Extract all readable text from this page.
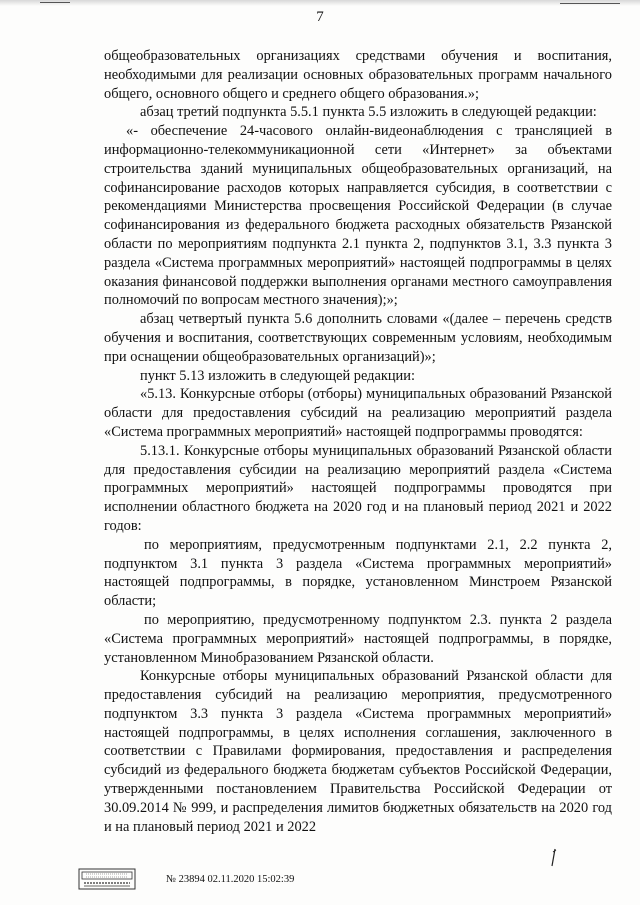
7

общеобразовательных организациях средствами обучения и воспитания, необходимыми для реализации основных образовательных программ начального общего, основного общего и среднего общего образования.»;

абзац третий подпункта 5.5.1 пункта 5.5 изложить в следующей редакции:

«- обеспечение 24-часового онлайн-видеонаблюдения с трансляцией в информационно-телекоммуникационной сети «Интернет» за объектами строительства зданий муниципальных общеобразовательных организаций, на софинансирование расходов которых направляется субсидия, в соответствии с рекомендациями Министерства просвещения Российской Федерации (в случае софинансирования из федерального бюджета расходных обязательств Рязанской области по мероприятиям подпункта 2.1 пункта 2, подпунктов 3.1, 3.3 пункта 3 раздела «Система программных мероприятий» настоящей подпрограммы в целях оказания финансовой поддержки выполнения органами местного самоуправления полномочий по вопросам местного значения);»;

абзац четвертый пункта 5.6 дополнить словами «(далее – перечень средств обучения и воспитания, соответствующих современным условиям, необходимым при оснащении общеобразовательных организаций)»;

пункт 5.13 изложить в следующей редакции:

«5.13. Конкурсные отборы (отборы) муниципальных образований Рязанской области для предоставления субсидий на реализацию мероприятий раздела «Система программных мероприятий» настоящей подпрограммы проводятся:

5.13.1. Конкурсные отборы муниципальных образований Рязанской области для предоставления субсидии на реализацию мероприятий раздела «Система программных мероприятий» настоящей подпрограммы проводятся при исполнении областного бюджета на 2020 год и на плановый период 2021 и 2022 годов:

по мероприятиям, предусмотренным подпунктами 2.1, 2.2 пункта 2, подпунктом 3.1 пункта 3 раздела «Система программных мероприятий» настоящей подпрограммы, в порядке, установленном Минстроем Рязанской области;

по мероприятию, предусмотренному подпунктом 2.3. пункта 2 раздела «Система программных мероприятий» настоящей подпрограммы, в порядке, установленном Минобразованием Рязанской области.

Конкурсные отборы муниципальных образований Рязанской области для предоставления субсидий на реализацию мероприятия, предусмотренного подпунктом 3.3 пункта 3 раздела «Система программных мероприятий» настоящей подпрограммы, в целях исполнения соглашения, заключенного в соответствии с Правилами формирования, предоставления и распределения субсидий из федерального бюджета бюджетам субъектов Российской Федерации, утвержденными постановлением Правительства Российской Федерации от 30.09.2014 № 999, и распределения лимитов бюджетных обязательств на 2020 год и на плановый период 2021 и 2022

№ 23894 02.11.2020 15:02:39
